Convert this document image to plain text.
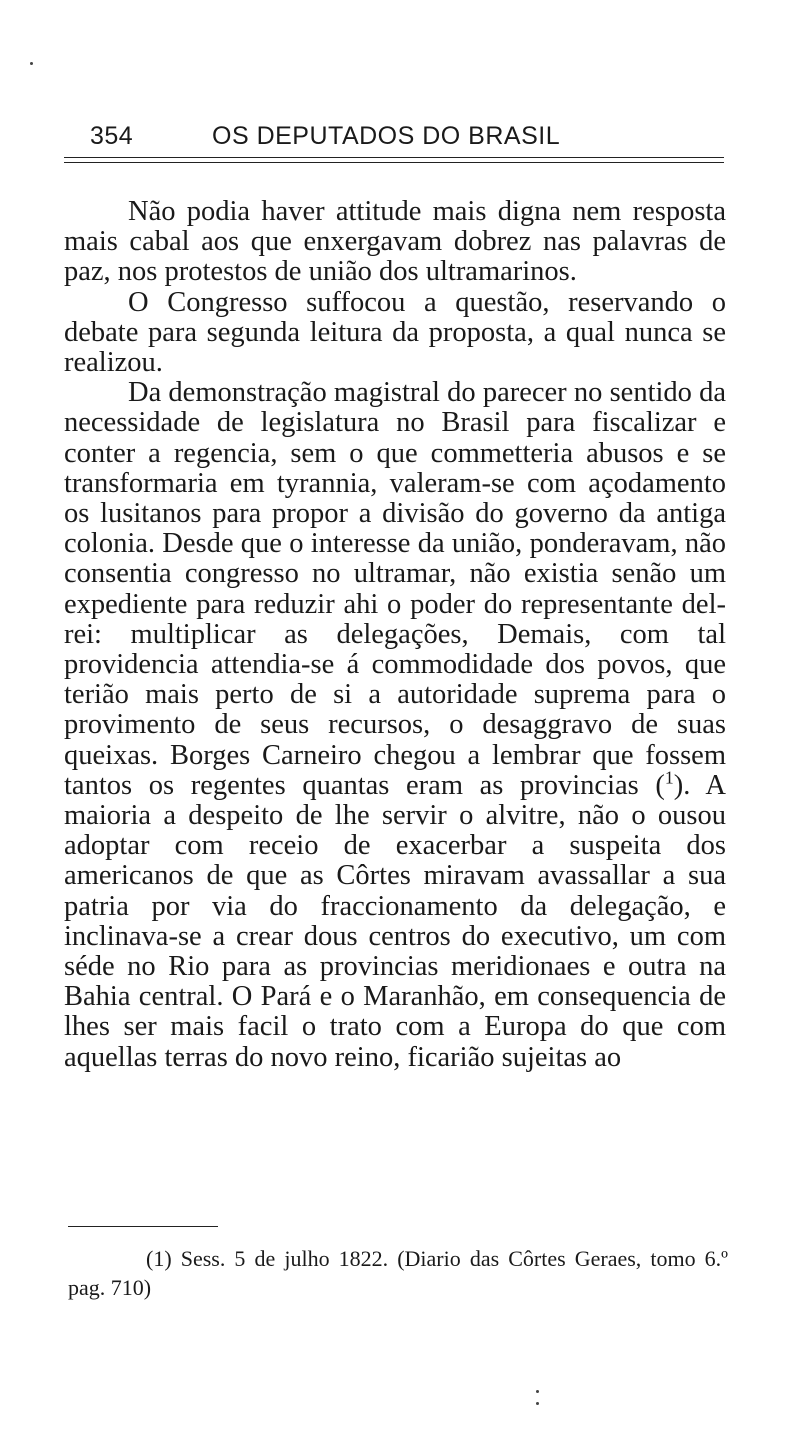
354	OS DEPUTADOS DO BRASIL

Não podia haver attitude mais digna nem resposta mais cabal aos que enxergavam dobrez nas palavras de paz, nos protestos de união dos ultramarinos.

O Congresso suffocou a questão, reservando o debate para segunda leitura da proposta, a qual nunca se realizou.

Da demonstração magistral do parecer no sentido da necessidade de legislatura no Brasil para fiscalizar e conter a regencia, sem o que commetteria abusos e se transformaria em tyrannia, valeram-se com açodamento os lusitanos para propor a divisão do governo da antiga colonia. Desde que o interesse da união, ponderavam, não consentia congresso no ultramar, não existia senão um expediente para reduzir ahi o poder do representante del-rei: multiplicar as delegações, Demais, com tal providencia attendia-se á commodidade dos povos, que terião mais perto de si a autoridade suprema para o provimento de seus recursos, o desaggravo de suas queixas. Borges Carneiro chegou a lembrar que fossem tantos os regentes quantas eram as provincias ($^1$). A maioria a despeito de lhe servir o alvitre, não o ousou adoptar com receio de exacerbar a suspeita dos americanos de que as Côrtes miravam avassallar a sua patria por via do fraccionamento da delegação, e inclinava-se a crear dous centros do executivo, um com séde no Rio para as provincias meridionaes e outra na Bahia central. O Pará e o Maranhão, em consequencia de lhes ser mais facil o trato com a Europa do que com aquellas terras do novo reino, ficarião sujeitas ao

(1) Sess. 5 de julho 1822. (Diario das Côrtes Geraes, tomo 6.º pag. 710)
